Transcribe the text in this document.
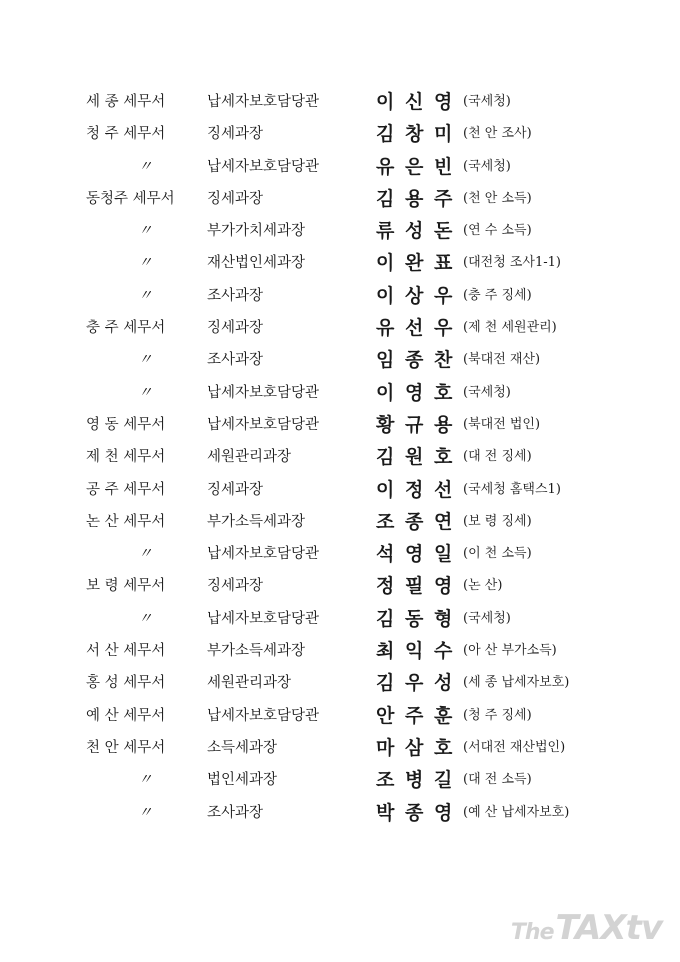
세 종 세무서	납세자보호담당관	이 신 영 (국세청)
청 주 세무서	징세과장	김 창 미 (천 안 조사)
〃	납세자보호담당관	유 은 빈 (국세청)
동청주 세무서	징세과장	김 용 주 (천 안 소득)
〃	부가가치세과장	류 성 돈 (연 수 소득)
〃	재산법인세과장	이 완 표 (대전청 조사1-1)
〃	조사과장	이 상 우 (충 주 징세)
충 주 세무서	징세과장	유 선 우 (제 천 세원관리)
〃	조사과장	임 종 찬 (북대전 재산)
〃	납세자보호담당관	이 영 호 (국세청)
영 동 세무서	납세자보호담당관	황 규 용 (북대전 법인)
제 천 세무서	세원관리과장	김 원 호 (대 전 징세)
공 주 세무서	징세과장	이 정 선 (국세청 홈택스1)
논 산 세무서	부가소득세과장	조 종 연 (보 령 징세)
〃	납세자보호담당관	석 영 일 (이 천 소득)
보 령 세무서	징세과장	정 필 영 (논 산)
〃	납세자보호담당관	김 동 형 (국세청)
서 산 세무서	부가소득세과장	최 익 수 (아 산 부가소득)
홍 성 세무서	세원관리과장	김 우 성 (세 종 납세자보호)
예 산 세무서	납세자보호담당관	안 주 훈 (청 주 징세)
천 안 세무서	소득세과장	마 삼 호 (서대전 재산법인)
〃	법인세과장	조 병 길 (대 전 소득)
〃	조사과장	박 종 영 (예 산 납세자보호)
TheTAXtv
